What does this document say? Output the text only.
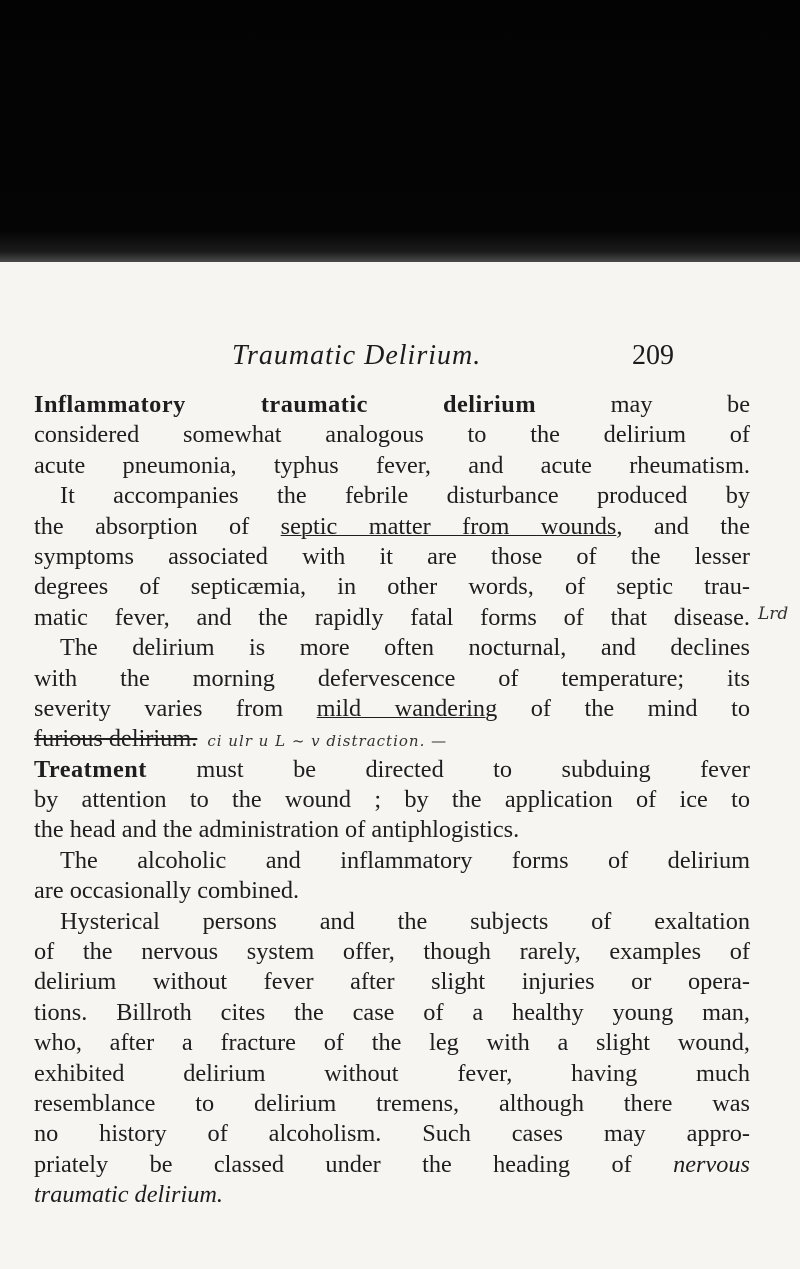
Traumatic Delirium.	209
Inflammatory traumatic delirium may be
considered somewhat analogous to the delirium of
acute pneumonia, typhus fever, and acute rheumatism.
It accompanies the febrile disturbance produced by
the absorption of septic matter from wounds, and the
symptoms associated with it are those of the lesser
degrees of septicæmia, in other words, of septic trau-
matic fever, and the rapidly fatal forms of that disease.
The delirium is more often nocturnal, and declines
with the morning defervescence of temperature; its
severity varies from mild wandering of the mind to
furious delirium. ci ulr u L ~ v distraction. —
Treatment must be directed to subduing fever
by attention to the wound ; by the application of ice to
the head and the administration of antiphlogistics.
The alcoholic and inflammatory forms of delirium
are occasionally combined.
Hysterical persons and the subjects of exaltation
of the nervous system offer, though rarely, examples of
delirium without fever after slight injuries or opera-
tions. Billroth cites the case of a healthy young man,
who, after a fracture of the leg with a slight wound,
exhibited delirium without fever, having much
resemblance to delirium tremens, although there was
no history of alcoholism. Such cases may appro-
priately be classed under the heading of nervous
traumatic delirium.
Lrd
